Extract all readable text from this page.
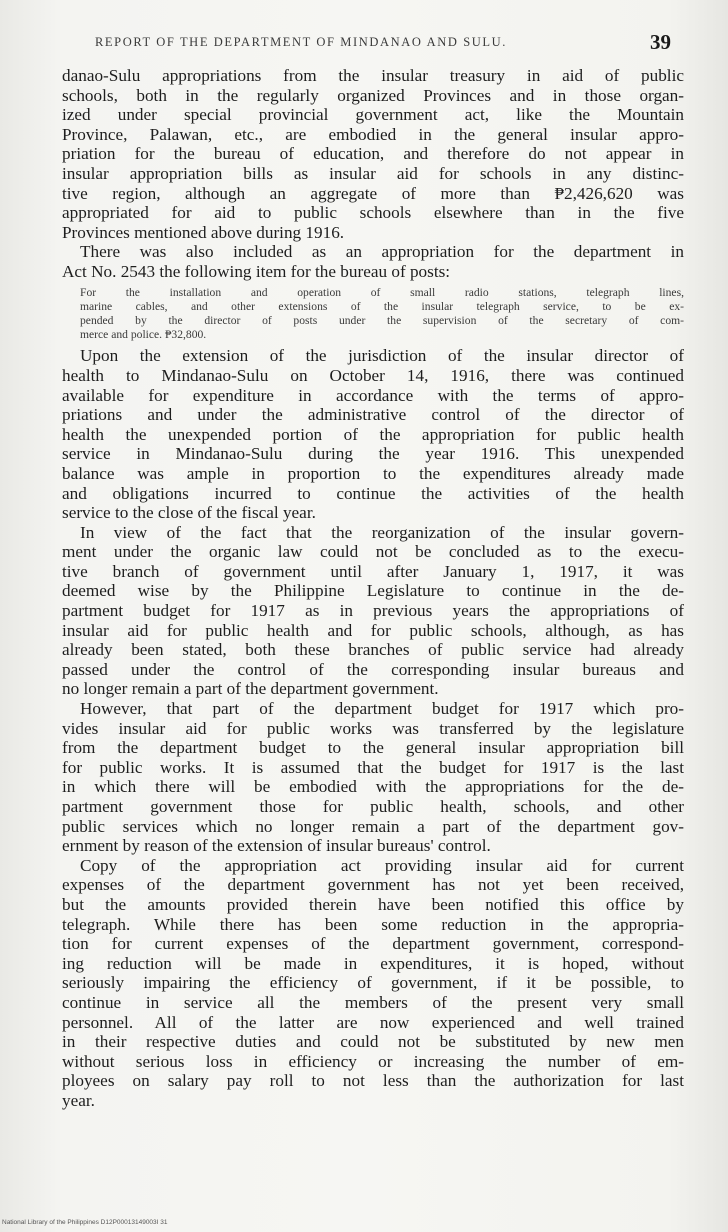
REPORT OF THE DEPARTMENT OF MINDANAO AND SULU.	39
danao-Sulu appropriations from the insular treasury in aid of public
schools, both in the regularly organized Provinces and in those organ-
ized under special provincial government act, like the Mountain
Province, Palawan, etc., are embodied in the general insular appro-
priation for the bureau of education, and therefore do not appear in
insular appropriation bills as insular aid for schools in any distinc-
tive region, although an aggregate of more than ₱2,426,620 was
appropriated for aid to public schools elsewhere than in the five
Provinces mentioned above during 1916.
There was also included as an appropriation for the department in
Act No. 2543 the following item for the bureau of posts:
For the installation and operation of small radio stations, telegraph lines,
marine cables, and other extensions of the insular telegraph service, to be ex-
pended by the director of posts under the supervision of the secretary of com-
merce and police. ₱32,800.
Upon the extension of the jurisdiction of the insular director of
health to Mindanao-Sulu on October 14, 1916, there was continued
available for expenditure in accordance with the terms of appro-
priations and under the administrative control of the director of
health the unexpended portion of the appropriation for public health
service in Mindanao-Sulu during the year 1916. This unexpended
balance was ample in proportion to the expenditures already made
and obligations incurred to continue the activities of the health
service to the close of the fiscal year.
In view of the fact that the reorganization of the insular govern-
ment under the organic law could not be concluded as to the execu-
tive branch of government until after January 1, 1917, it was
deemed wise by the Philippine Legislature to continue in the de-
partment budget for 1917 as in previous years the appropriations of
insular aid for public health and for public schools, although, as has
already been stated, both these branches of public service had already
passed under the control of the corresponding insular bureaus and
no longer remain a part of the department government.
However, that part of the department budget for 1917 which pro-
vides insular aid for public works was transferred by the legislature
from the department budget to the general insular appropriation bill
for public works. It is assumed that the budget for 1917 is the last
in which there will be embodied with the appropriations for the de-
partment government those for public health, schools, and other
public services which no longer remain a part of the department gov-
ernment by reason of the extension of insular bureaus' control.
Copy of the appropriation act providing insular aid for current
expenses of the department government has not yet been received,
but the amounts provided therein have been notified this office by
telegraph. While there has been some reduction in the appropria-
tion for current expenses of the department government, correspond-
ing reduction will be made in expenditures, it is hoped, without
seriously impairing the efficiency of government, if it be possible, to
continue in service all the members of the present very small
personnel. All of the latter are now experienced and well trained
in their respective duties and could not be substituted by new men
without serious loss in efficiency or increasing the number of em-
ployees on salary pay roll to not less than the authorization for last
year.
National Library of the Philippines D12P00013149003I 31
